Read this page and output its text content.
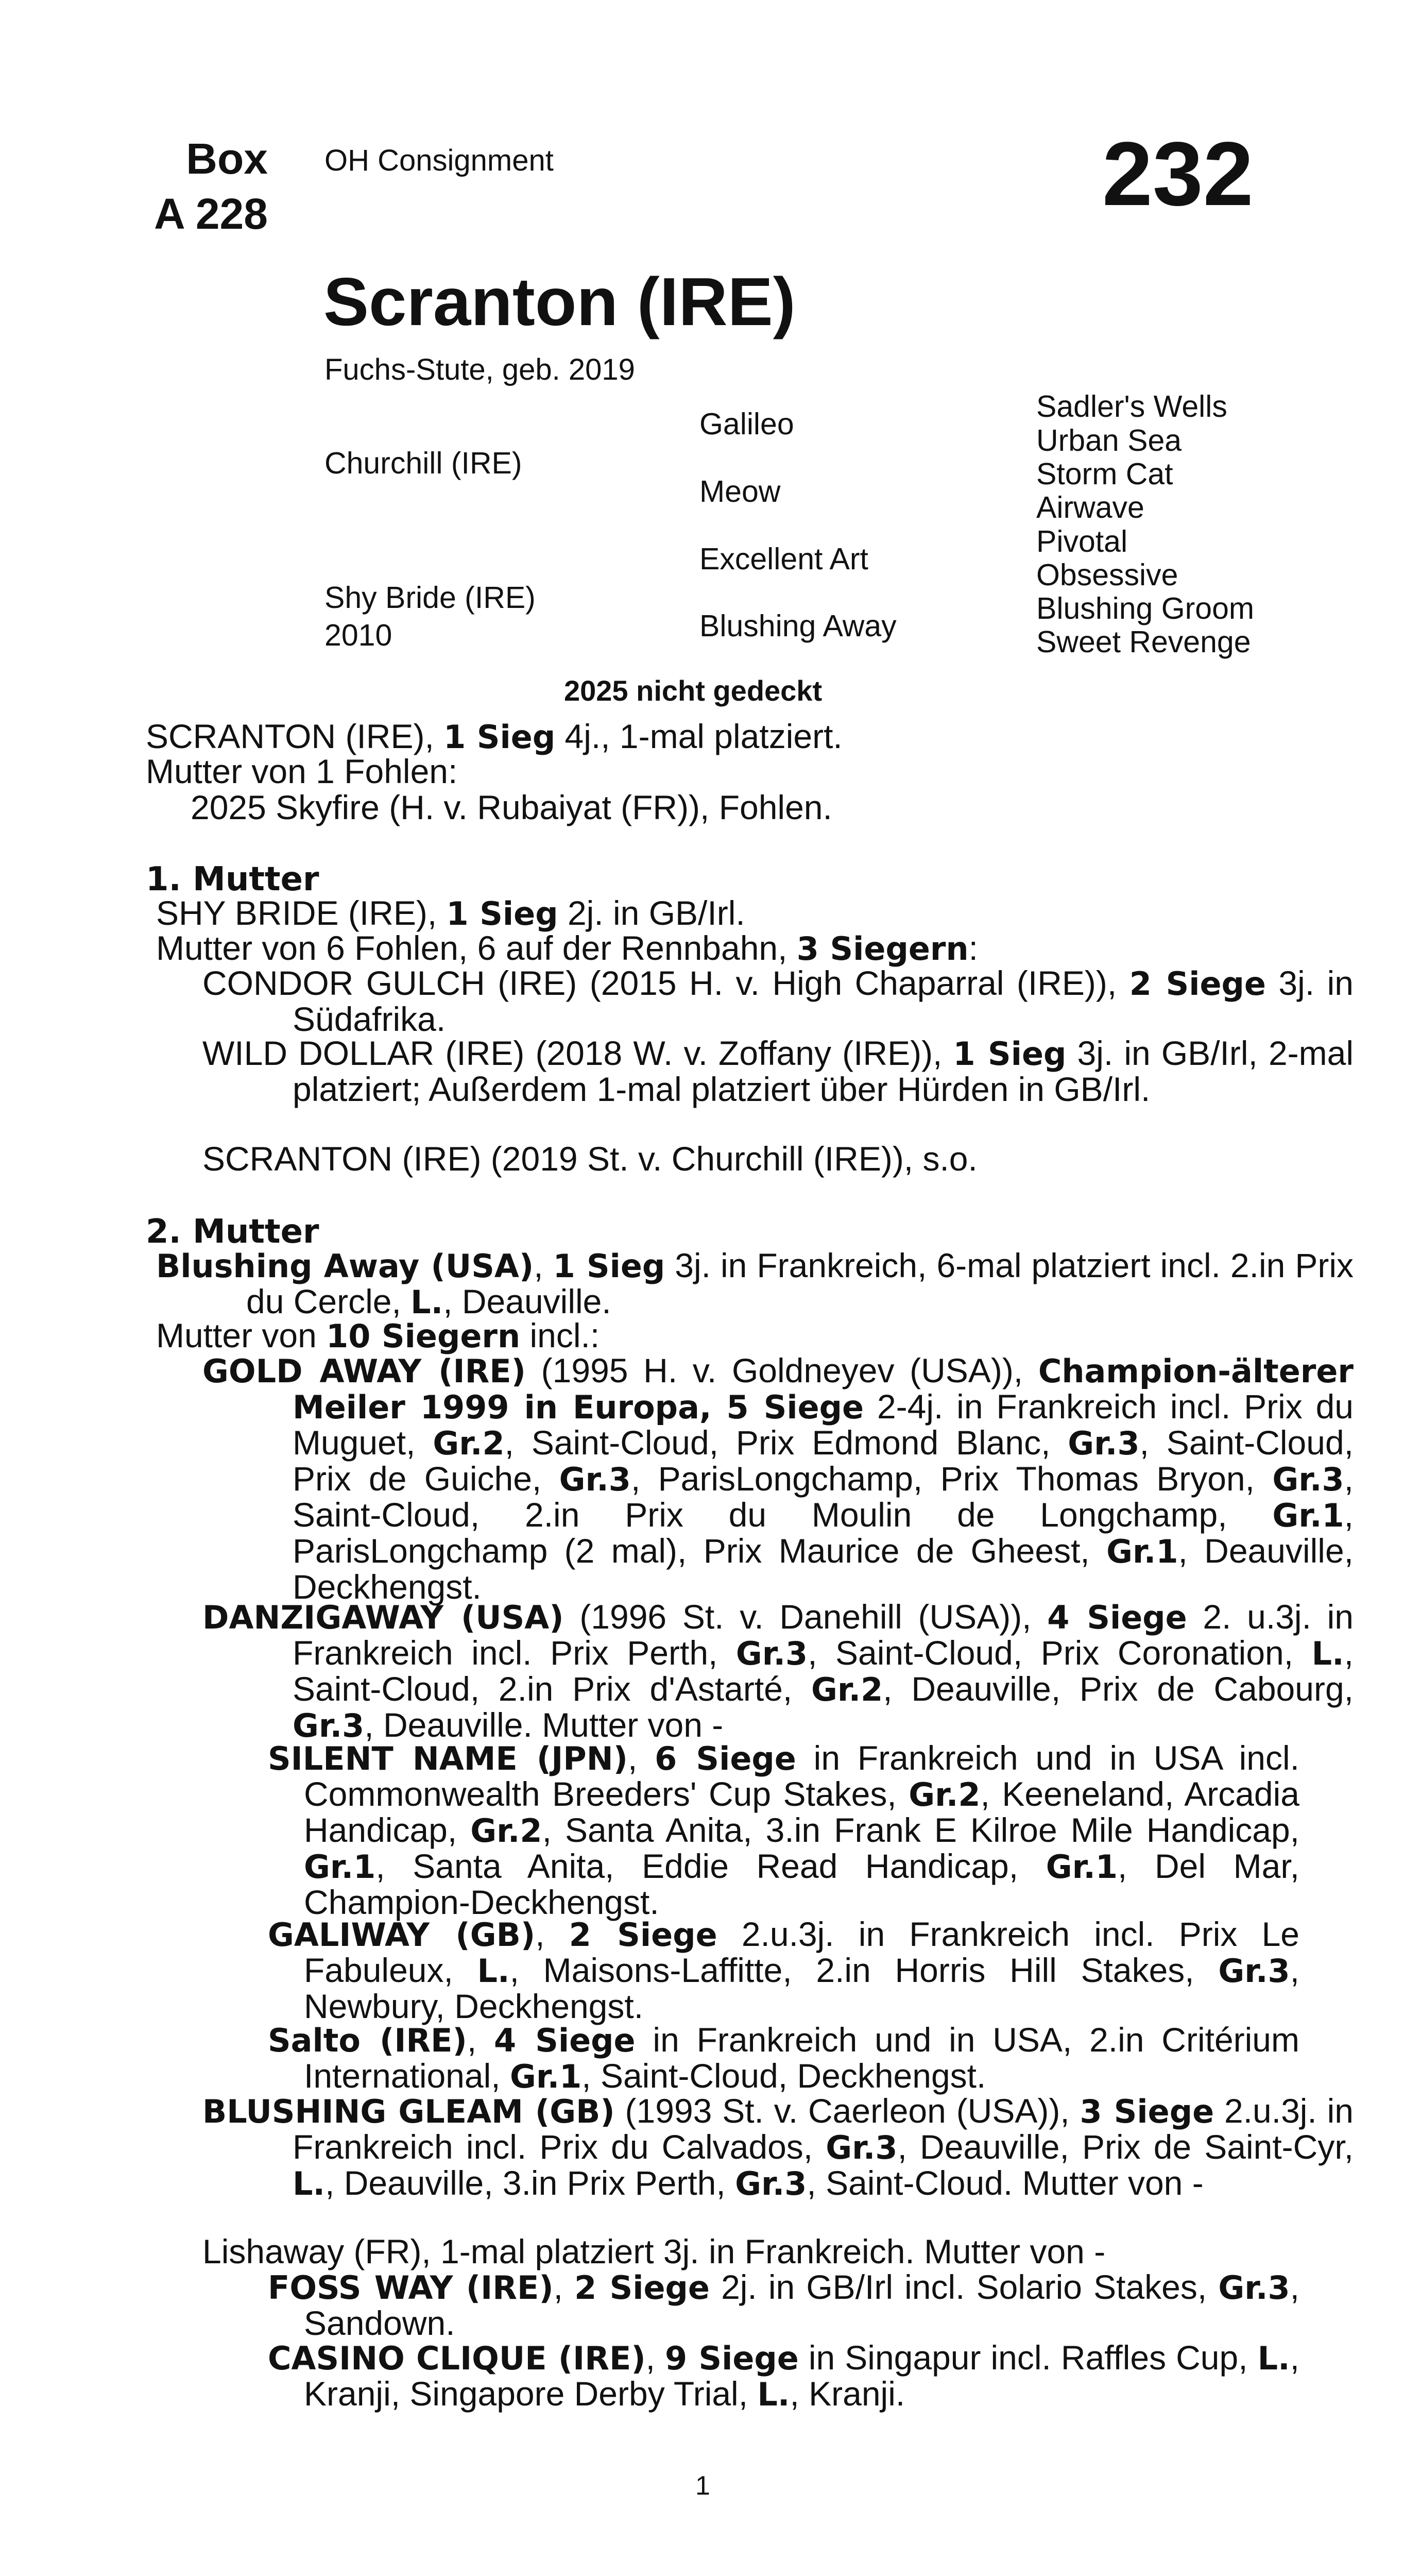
Box
A 228
OH Consignment	232
Scranton (IRE)
Fuchs-Stute, geb. 2019
Churchill (IRE)
Shy Bride (IRE)
2010
Galileo
Meow
Excellent Art
Blushing Away
Sadler's Wells
Urban Sea
Storm Cat
Airwave
Pivotal
Obsessive
Blushing Groom
Sweet Revenge
2025 nicht gedeckt
SCRANTON (IRE), 1 Sieg 4j., 1-mal platziert.
Mutter von 1 Fohlen:
2025 Skyfire (H. v. Rubaiyat (FR)), Fohlen.
1. Mutter
SHY BRIDE (IRE), 1 Sieg 2j. in GB/Irl.
Mutter von 6 Fohlen, 6 auf der Rennbahn, 3 Siegern:
CONDOR GULCH (IRE) (2015 H. v. High Chaparral (IRE)), 2 Siege 3j. in Südafrika.
WILD DOLLAR (IRE) (2018 W. v. Zoffany (IRE)), 1 Sieg 3j. in GB/Irl, 2-mal platziert; Außerdem 1-mal platziert über Hürden in GB/Irl.
SCRANTON (IRE) (2019 St. v. Churchill (IRE)), s.o.
2. Mutter
Blushing Away (USA), 1 Sieg 3j. in Frankreich, 6-mal platziert incl. 2.in Prix du Cercle, L., Deauville.
Mutter von 10 Siegern incl.:
GOLD AWAY (IRE) (1995 H. v. Goldneyev (USA)), Champion-älterer Meiler 1999 in Europa, 5 Siege 2-4j. in Frankreich incl. Prix du Muguet, Gr.2, Saint-Cloud, Prix Edmond Blanc, Gr.3, Saint-Cloud, Prix de Guiche, Gr.3, ParisLongchamp, Prix Thomas Bryon, Gr.3, Saint-Cloud, 2.in Prix du Moulin de Longchamp, Gr.1, ParisLongchamp (2 mal), Prix Maurice de Gheest, Gr.1, Deauville, Deckhengst.
DANZIGAWAY (USA) (1996 St. v. Danehill (USA)), 4 Siege 2. u.3j. in Frankreich incl. Prix Perth, Gr.3, Saint-Cloud, Prix Coronation, L., Saint-Cloud, 2.in Prix d'Astarté, Gr.2, Deauville, Prix de Cabourg, Gr.3, Deauville. Mutter von -
SILENT NAME (JPN), 6 Siege in Frankreich und in USA incl. Commonwealth Breeders' Cup Stakes, Gr.2, Keeneland, Arcadia Handicap, Gr.2, Santa Anita, 3.in Frank E Kilroe Mile Handicap, Gr.1, Santa Anita, Eddie Read Handicap, Gr.1, Del Mar, Champion-Deckhengst.
GALIWAY (GB), 2 Siege 2.u.3j. in Frankreich incl. Prix Le Fabuleux, L., Maisons-Laffitte, 2.in Horris Hill Stakes, Gr.3, Newbury, Deckhengst.
Salto (IRE), 4 Siege in Frankreich und in USA, 2.in Critérium International, Gr.1, Saint-Cloud, Deckhengst.
BLUSHING GLEAM (GB) (1993 St. v. Caerleon (USA)), 3 Siege 2.u.3j. in Frankreich incl. Prix du Calvados, Gr.3, Deauville, Prix de Saint-Cyr, L., Deauville, 3.in Prix Perth, Gr.3, Saint-Cloud. Mutter von -
Lishaway (FR), 1-mal platziert 3j. in Frankreich. Mutter von -
FOSS WAY (IRE), 2 Siege 2j. in GB/Irl incl. Solario Stakes, Gr.3, Sandown.
CASINO CLIQUE (IRE), 9 Siege in Singapur incl. Raffles Cup, L., Kranji, Singapore Derby Trial, L., Kranji.
1
